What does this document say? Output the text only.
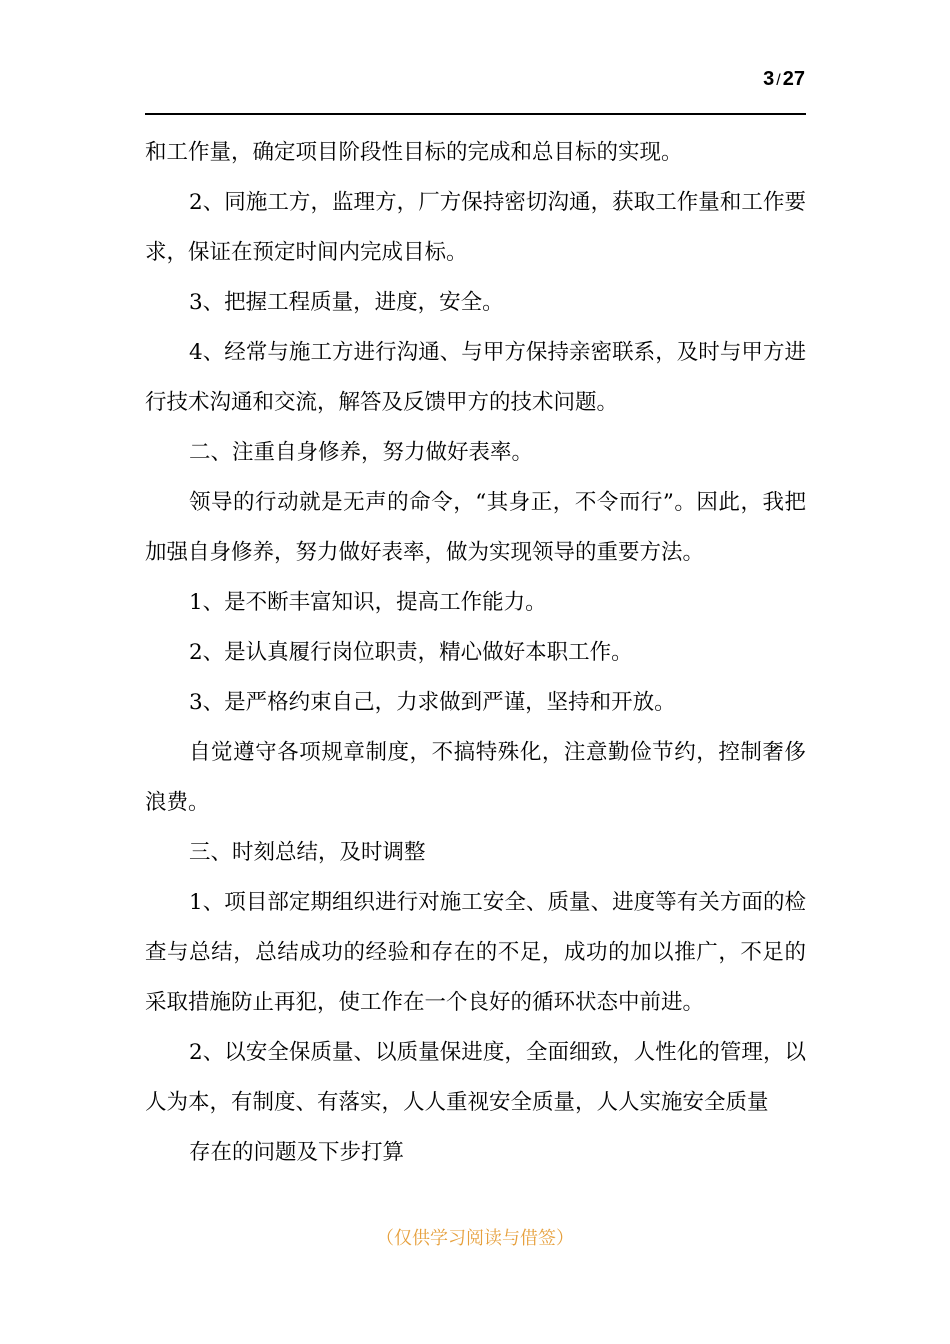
3 / 27

和工作量，确定项目阶段性目标的完成和总目标的实现。

2、同施工方，监理方，厂方保持密切沟通，获取工作量和工作要求，保证在预定时间内完成目标。

3、把握工程质量，进度，安全。

4、经常与施工方进行沟通、与甲方保持亲密联系，及时与甲方进行技术沟通和交流，解答及反馈甲方的技术问题。

二、注重自身修养，努力做好表率。

领导的行动就是无声的命令，“其身正，不令而行”。因此，我把加强自身修养，努力做好表率，做为实现领导的重要方法。

1、是不断丰富知识，提高工作能力。

2、是认真履行岗位职责，精心做好本职工作。

3、是严格约束自己，力求做到严谨，坚持和开放。

自觉遵守各项规章制度，不搞特殊化，注意勤俭节约，控制奢侈浪费。

三、时刻总结，及时调整

1、项目部定期组织进行对施工安全、质量、进度等有关方面的检查与总结，总结成功的经验和存在的不足，成功的加以推广，不足的采取措施防止再犯，使工作在一个良好的循环状态中前进。

2、以安全保质量、以质量保进度，全面细致，人性化的管理，以人为本，有制度、有落实，人人重视安全质量，人人实施安全质量

存在的问题及下步打算

（仅供学习阅读与借签）
